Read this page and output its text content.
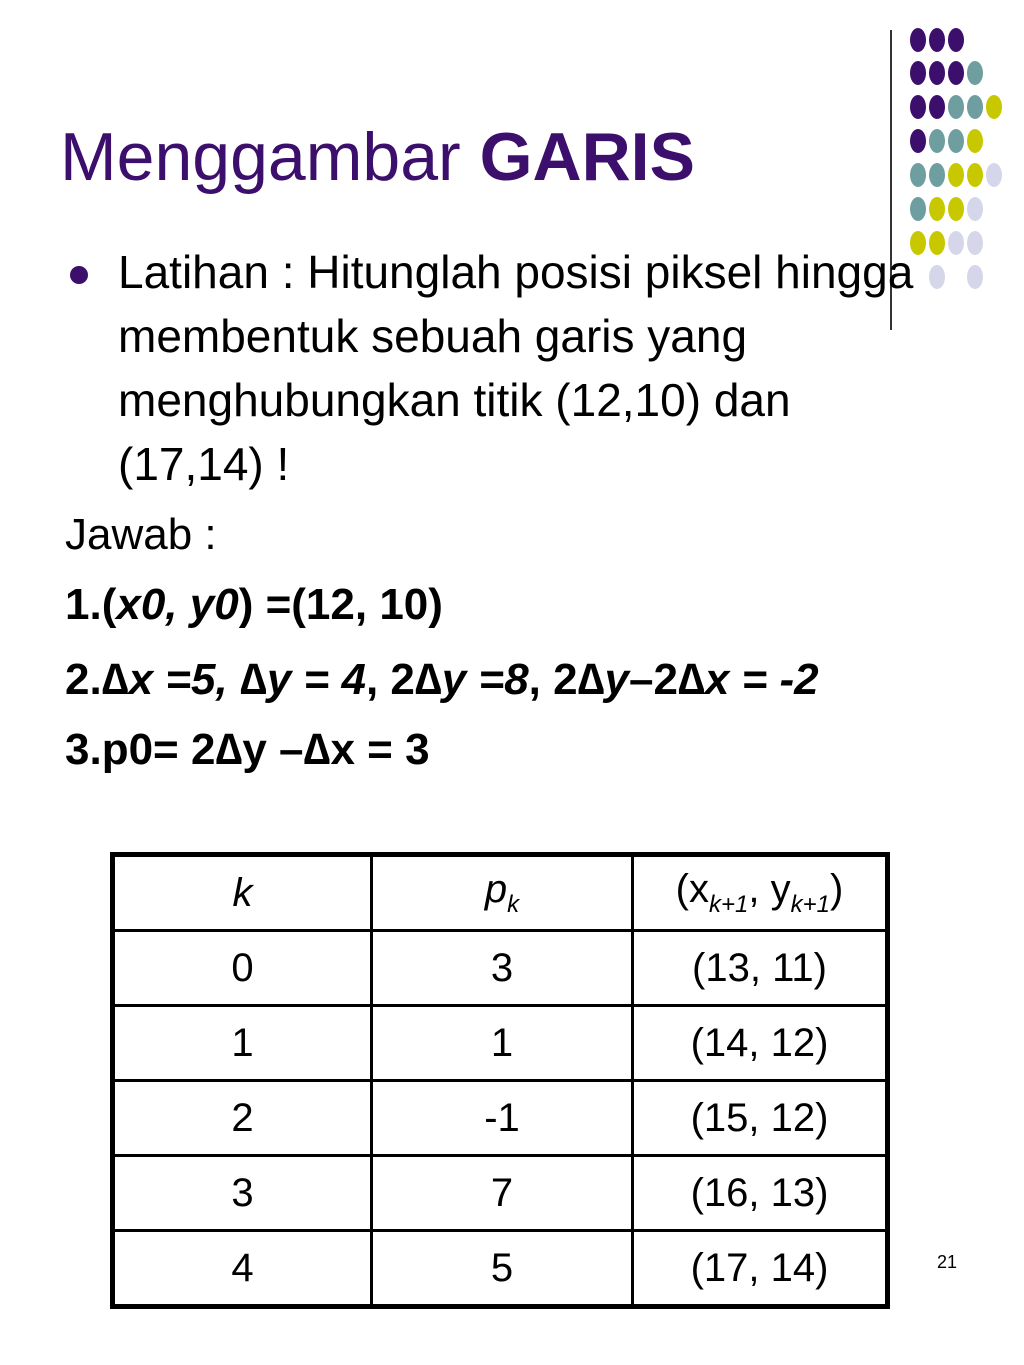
Menggambar GARIS
Latihan : Hitunglah posisi piksel hingga membentuk sebuah garis yang menghubungkan titik (12,10) dan (17,14) !
Jawab :
1.(x0, y0) =(12, 10)
2.∆x =5, ∆y = 4, 2∆y =8, 2∆y–2∆x = -2
3.p0= 2∆y –∆x = 3
k	$p_k$	($x_{k+1}$, $y_{k+1}$)
0	3	(13, 11)
1	1	(14, 12)
2	-1	(15, 12)
3	7	(16, 13)
4	5	(17, 14)	21
